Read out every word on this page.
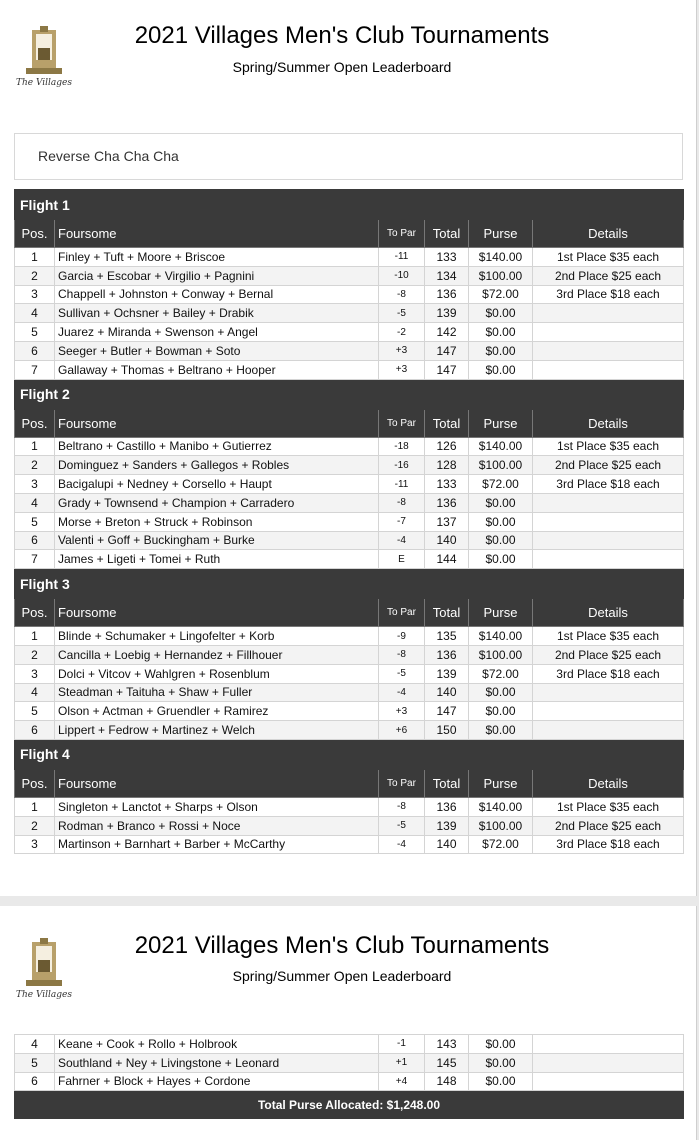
The Villages
2021 Villages Men's Club Tournaments
Spring/Summer Open Leaderboard
Reverse Cha Cha Cha
Flight 1					
Pos.	Foursome	To Par	Total	Purse	Details
1	Finley + Tuft + Moore + Briscoe	-11	133	$140.00	1st Place $35 each
2	Garcia + Escobar + Virgilio + Pagnini	-10	134	$100.00	2nd Place $25 each
3	Chappell + Johnston + Conway + Bernal	-8	136	$72.00	3rd Place $18 each
4	Sullivan + Ochsner + Bailey + Drabik	-5	139	$0.00	
5	Juarez + Miranda + Swenson + Angel	-2	142	$0.00	
6	Seeger + Butler + Bowman + Soto	+3	147	$0.00	
7	Gallaway + Thomas + Beltrano + Hooper	+3	147	$0.00	
Flight 2					
Pos.	Foursome	To Par	Total	Purse	Details
1	Beltrano + Castillo + Manibo + Gutierrez	-18	126	$140.00	1st Place $35 each
2	Dominguez + Sanders + Gallegos + Robles	-16	128	$100.00	2nd Place $25 each
3	Bacigalupi + Nedney + Corsello + Haupt	-11	133	$72.00	3rd Place $18 each
4	Grady + Townsend + Champion + Carradero	-8	136	$0.00	
5	Morse + Breton + Struck + Robinson	-7	137	$0.00	
6	Valenti + Goff + Buckingham + Burke	-4	140	$0.00	
7	James + Ligeti + Tomei + Ruth	E	144	$0.00	
Flight 3					
Pos.	Foursome	To Par	Total	Purse	Details
1	Blinde + Schumaker + Lingofelter + Korb	-9	135	$140.00	1st Place $35 each
2	Cancilla + Loebig + Hernandez + Fillhouer	-8	136	$100.00	2nd Place $25 each
3	Dolci + Vitcov + Wahlgren + Rosenblum	-5	139	$72.00	3rd Place $18 each
4	Steadman + Taituha + Shaw + Fuller	-4	140	$0.00	
5	Olson + Actman + Gruendler + Ramirez	+3	147	$0.00	
6	Lippert + Fedrow + Martinez + Welch	+6	150	$0.00	
Flight 4					
Pos.	Foursome	To Par	Total	Purse	Details
1	Singleton + Lanctot + Sharps + Olson	-8	136	$140.00	1st Place $35 each
2	Rodman + Branco + Rossi + Noce	-5	139	$100.00	2nd Place $25 each
3	Martinson + Barnhart + Barber + McCarthy	-4	140	$72.00	3rd Place $18 each
The Villages
2021 Villages Men's Club Tournaments
Spring/Summer Open Leaderboard
4	Keane + Cook + Rollo + Holbrook	-1	143	$0.00	
5	Southland + Ney + Livingstone + Leonard	+1	145	$0.00	
6	Fahrner + Block + Hayes + Cordone	+4	148	$0.00	
Total Purse Allocated: $1,248.00					
